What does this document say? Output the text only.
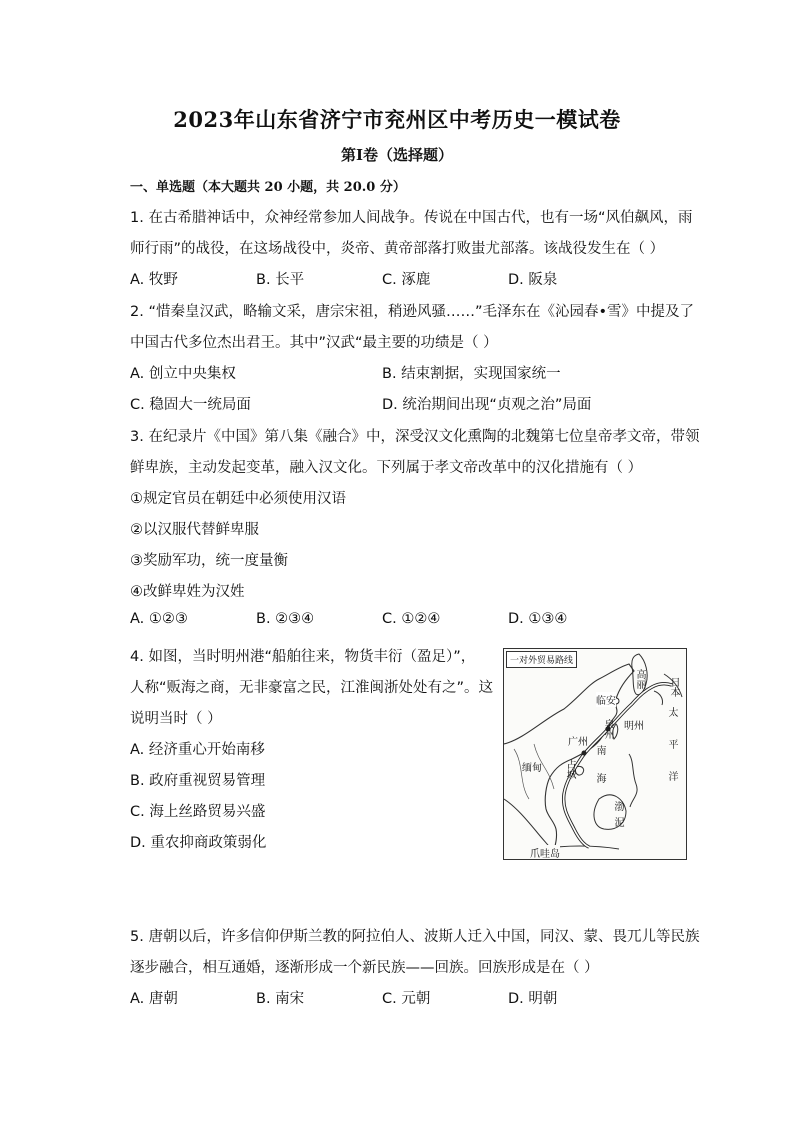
2023年山东省济宁市兖州区中考历史一模试卷
第I卷（选择题）
一、单选题（本大题共 20 小题，共 20.0 分）
1. 在古希腊神话中，众神经常参加人间战争。传说在中国古代，也有一场“风伯飙风，雨
师行雨”的战役，在这场战役中，炎帝、黄帝部落打败蚩尤部落。该战役发生在（ ）
A. 牧野	B. 长平	C. 涿鹿	D. 阪泉
2. “惜秦皇汉武，略输文采，唐宗宋祖，稍逊风骚……”毛泽东在《沁园春•雪》中提及了
中国古代多位杰出君王。其中”汉武“最主要的功绩是（ ）
A. 创立中央集权	B. 结束割据，实现国家统一
C. 稳固大一统局面	D. 统治期间出现“贞观之治”局面
3. 在纪录片《中国》第八集《融合》中，深受汉文化熏陶的北魏第七位皇帝孝文帝，带领
鲜卑族，主动发起变革，融入汉文化。下列属于孝文帝改革中的汉化措施有（ ）
①规定官员在朝廷中必须使用汉语
②以汉服代替鲜卑服
③奖励军功，统一度量衡
④改鲜卑姓为汉姓
A. ①②③	B. ②③④	C. ①②④	D. ①③④
4. 如图，当时明州港“船舶往来，物货丰衍（盈足）”，
人称“贩海之商，无非豪富之民，江淮闽浙处处有之”。这
说明当时（ ）
A. 经济重心开始南移
B. 政府重视贸易管理
C. 海上丝路贸易兴盛
D. 重农抑商政策弱化
一对外贸易路线
临安
明州
泉州
广州
缅甸 占城 南海
渤泥
太平洋
高丽 日本
爪哇岛
5. 唐朝以后，许多信仰伊斯兰教的阿拉伯人、波斯人迁入中国，同汉、蒙、畏兀儿等民族
逐步融合，相互通婚，逐渐形成一个新民族——回族。回族形成是在（ ）
A. 唐朝	B. 南宋	C. 元朝	D. 明朝
